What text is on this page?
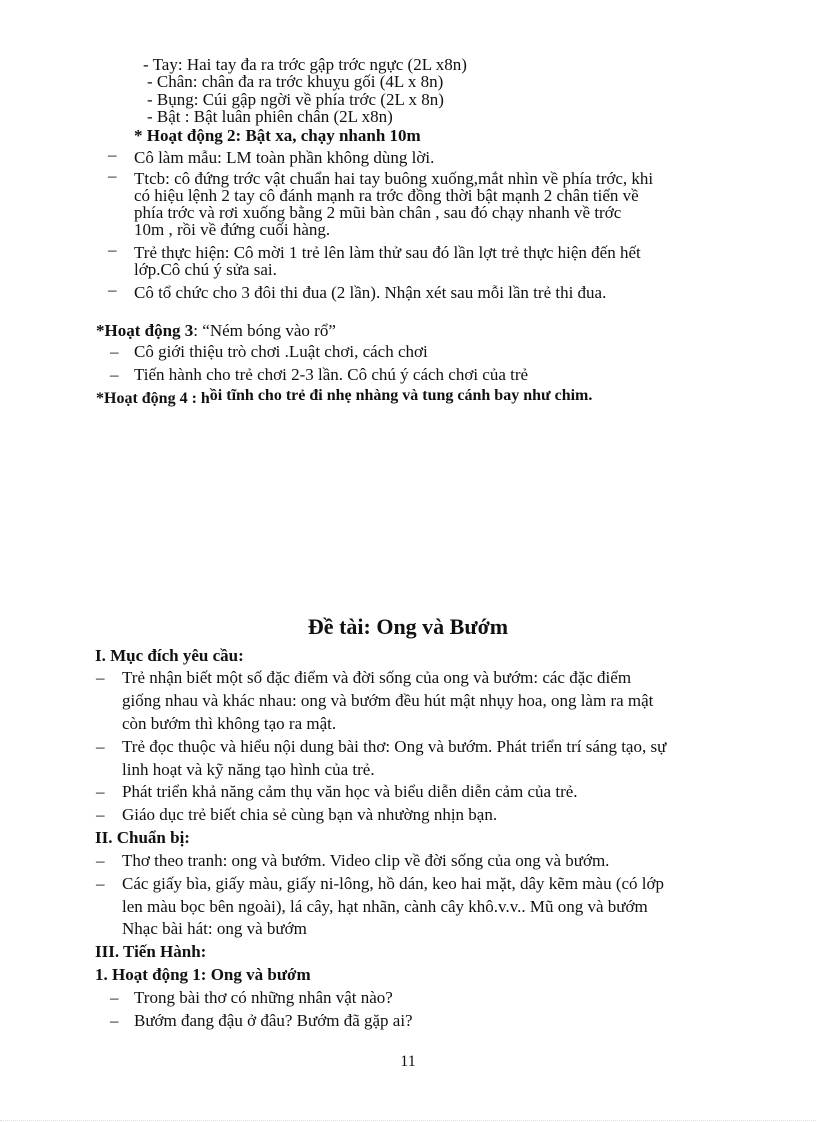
- Tay: Hai tay đa ra trớc gập trớc ngực (2L x8n)
- Chân: chân đa ra trớc khuỵu gối (4L x 8n)
- Bụng: Cúi gập ngời về phía trớc (2L x 8n)
- Bật : Bật luân phiên chân (2L x8n)
* Hoạt động 2: Bật xa, chạy nhanh 10m
– Cô làm mẫu: LM toàn phần không dùng lời.
– Ttcb: cô đứng trớc vật chuẩn hai tay buông xuống,mắt nhìn về phía trớc, khi
có hiệu lệnh 2 tay cô đánh mạnh ra trớc đồng thời bật mạnh 2 chân tiến về
phía trớc và rơi xuống bằng 2 mũi bàn chân , sau đó chạy nhanh về trớc
10m , rồi về đứng cuối hàng.
– Trẻ thực hiện: Cô mời 1 trẻ lên làm thử sau đó lần lợt trẻ thực hiện đến hết
lớp.Cô chú ý sửa sai.
– Cô tổ chức cho 3 đôi thi đua (2 lần). Nhận xét sau mỗi lần trẻ thi đua.
*Hoạt động 3: “Ném bóng vào rổ”
– Cô giới thiệu trò chơi .Luật chơi, cách chơi
– Tiến hành cho trẻ chơi 2-3 lần. Cô chú ý cách chơi của trẻ
*Hoạt động 4 : hồi tĩnh cho trẻ đi nhẹ nhàng và tung cánh bay như chim.
Đề tài: Ong và Bướm
I. Mục đích yêu cầu:
– Trẻ nhận biết một số đặc điểm và đời sống của ong và bướm: các đặc điểm
giống nhau và khác nhau: ong và bướm đều hút mật nhụy hoa, ong làm ra mật
còn bướm thì không tạo ra mật.
– Trẻ đọc thuộc và hiểu nội dung bài thơ: Ong và bướm. Phát triển trí sáng tạo, sự
linh hoạt và kỹ năng tạo hình của trẻ.
– Phát triển khả năng cảm thụ văn học và biểu diễn diễn cảm của trẻ.
– Giáo dục trẻ biết chia sẻ cùng bạn và nhường nhịn bạn.
II. Chuẩn bị:
– Thơ theo tranh: ong và bướm. Video clip về đời sống của ong và bướm.
– Các giấy bìa, giấy màu, giấy ni-lông, hồ dán, keo hai mặt, dây kẽm màu (có lớp
len màu bọc bên ngoài), lá cây, hạt nhãn, cành cây khô.v.v.. Mũ ong và bướm
Nhạc bài hát: ong và bướm
III. Tiến Hành:
1. Hoạt động 1: Ong và bướm
– Trong bài thơ có những nhân vật nào?
– Bướm đang đậu ở đâu? Bướm đã gặp ai?
11
